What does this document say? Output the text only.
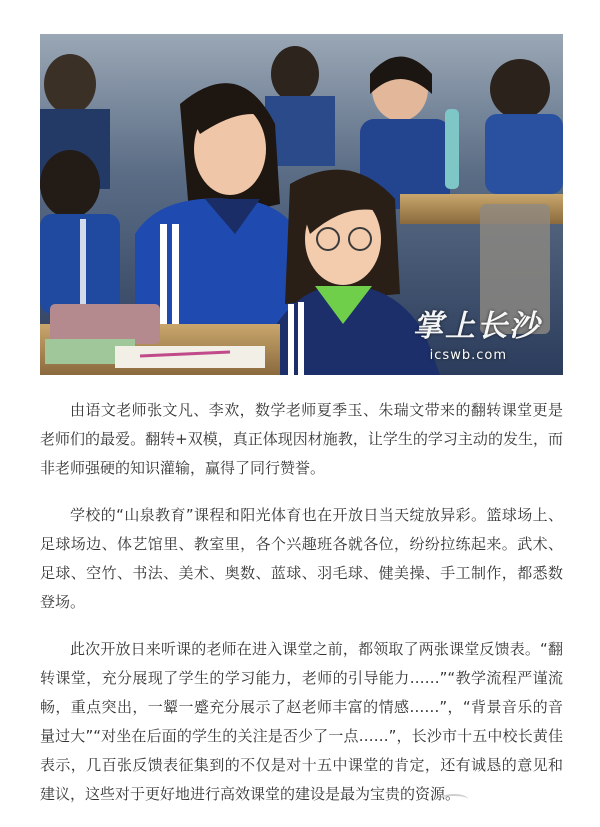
掌上长沙
icswb.com

由语文老师张文凡、李欢，数学老师夏季玉、朱瑞文带来的翻转课堂更是老师们的最爱。翻转+双模，真正体现因材施教，让学生的学习主动的发生，而非老师强硬的知识灌输，赢得了同行赞誉。

学校的“山泉教育”课程和阳光体育也在开放日当天绽放异彩。篮球场上、足球场边、体艺馆里、教室里，各个兴趣班各就各位，纷纷拉练起来。武术、足球、空竹、书法、美术、奥数、蓝球、羽毛球、健美操、手工制作，都悉数登场。

此次开放日来听课的老师在进入课堂之前，都领取了两张课堂反馈表。“翻转课堂，充分展现了学生的学习能力，老师的引导能力……”“教学流程严谨流畅，重点突出，一颦一蹙充分展示了赵老师丰富的情感……”，“背景音乐的音量过大”“对坐在后面的学生的关注是否少了一点……”，长沙市十五中校长黄佳表示，几百张反馈表征集到的不仅是对十五中课堂的肯定，还有诚恳的意见和建议，这些对于更好地进行高效课堂的建设是最为宝贵的资源。
